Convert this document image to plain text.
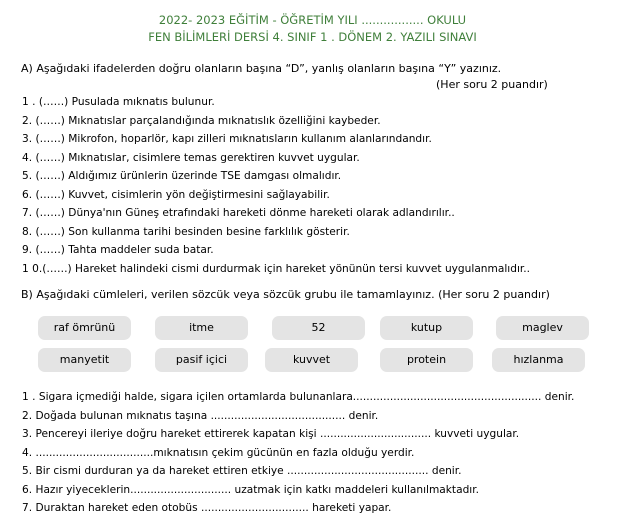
2022- 2023 EĞİTİM - ÖĞRETİM YILI ................. OKULU
FEN BİLİMLERİ DERSİ 4. SINIF 1 . DÖNEM 2. YAZILI SINAVI
A) Aşağıdaki ifadelerden doğru olanların başına “D”, yanlış olanların başına “Y” yazınız.
(Her soru 2 puandır)
1 . (……) Pusulada mıknatıs bulunur.
2. (……) Mıknatıslar parçalandığında mıknatıslık özelliğini kaybeder.
3. (……) Mikrofon, hoparlör, kapı zilleri mıknatısların kullanım alanlarındandır.
4. (……) Mıknatıslar, cisimlere temas gerektiren kuvvet uygular.
5. (……) Aldığımız ürünlerin üzerinde TSE damgası olmalıdır.
6. (……) Kuvvet, cisimlerin yön değiştirmesini sağlayabilir.
7. (……) Dünya'nın Güneş etrafındaki hareketi dönme hareketi olarak adlandırılır..
8. (……) Son kullanma tarihi besinden besine farklılık gösterir.
9. (……) Tahta maddeler suda batar.
1 0.(……) Hareket halindeki cismi durdurmak için hareket yönünün tersi kuvvet uygulanmalıdır..
B) Aşağıdaki cümleleri, verilen sözcük veya sözcük grubu ile tamamlayınız. (Her soru 2 puandır)
raf ömrünü	itme	52	kutup	maglev
manyetit	pasif içici	kuvvet	protein	hızlanma
1 . Sigara içmediği halde, sigara içilen ortamlarda bulunanlara........................................................ denir.
2. Doğada bulunan mıknatıs taşına ........................................ denir.
3. Pencereyi ileriye doğru hareket ettirerek kapatan kişi ................................. kuvveti uygular.
4. ...................................mıknatısın çekim gücünün en fazla olduğu yerdir.
5. Bir cismi durduran ya da hareket ettiren etkiye .......................................... denir.
6. Hazır yiyeceklerin.............................. uzatmak için katkı maddeleri kullanılmaktadır.
7. Duraktan hareket eden otobüs ................................ hareketi yapar.
